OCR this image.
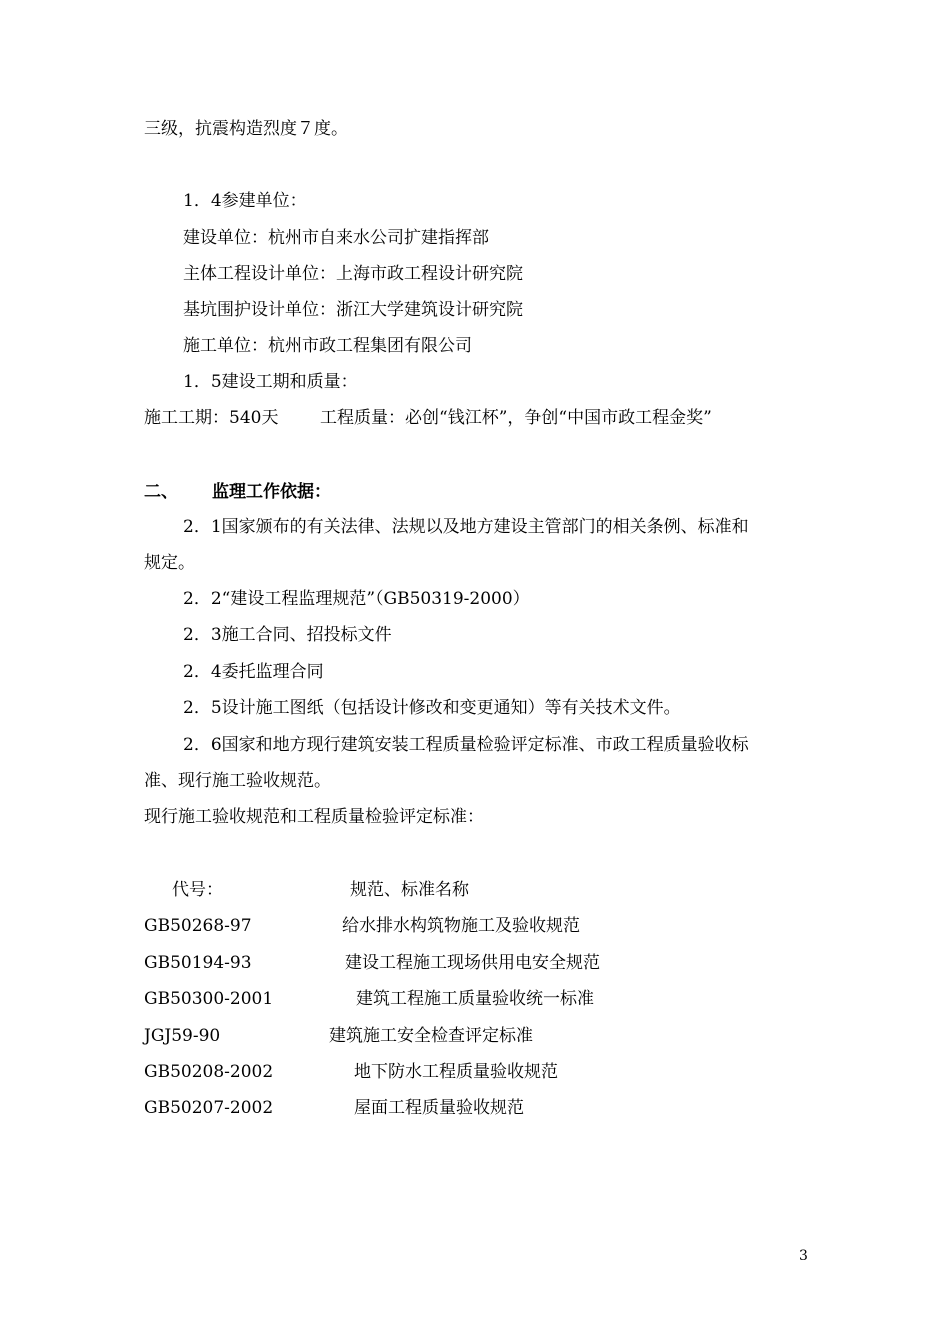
三级，抗震构造烈度７度。
1．4参建单位：
建设单位：杭州市自来水公司扩建指挥部
主体工程设计单位：上海市政工程设计研究院
基坑围护设计单位：浙江大学建筑设计研究院
施工单位：杭州市政工程集团有限公司
1．5建设工期和质量：
施工工期：540天 工程质量：必创“钱江杯”，争创“中国市政工程金奖”
二、 监理工作依据：
2．1国家颁布的有关法律、法规以及地方建设主管部门的相关条例、标准和
规定。
2．2“建设工程监理规范”（GB50319-2000）
2．3施工合同、招投标文件
2．4委托监理合同
2．5设计施工图纸（包括设计修改和变更通知）等有关技术文件。
2．6国家和地方现行建筑安装工程质量检验评定标准、市政工程质量验收标
准、现行施工验收规范。
现行施工验收规范和工程质量检验评定标准：
代号：	规范、标准名称
GB50268-97	给水排水构筑物施工及验收规范
GB50194-93	建设工程施工现场供用电安全规范
GB50300-2001	建筑工程施工质量验收统一标准
JGJ59-90	建筑施工安全检查评定标准
GB50208-2002	地下防水工程质量验收规范
GB50207-2002	屋面工程质量验收规范
3
